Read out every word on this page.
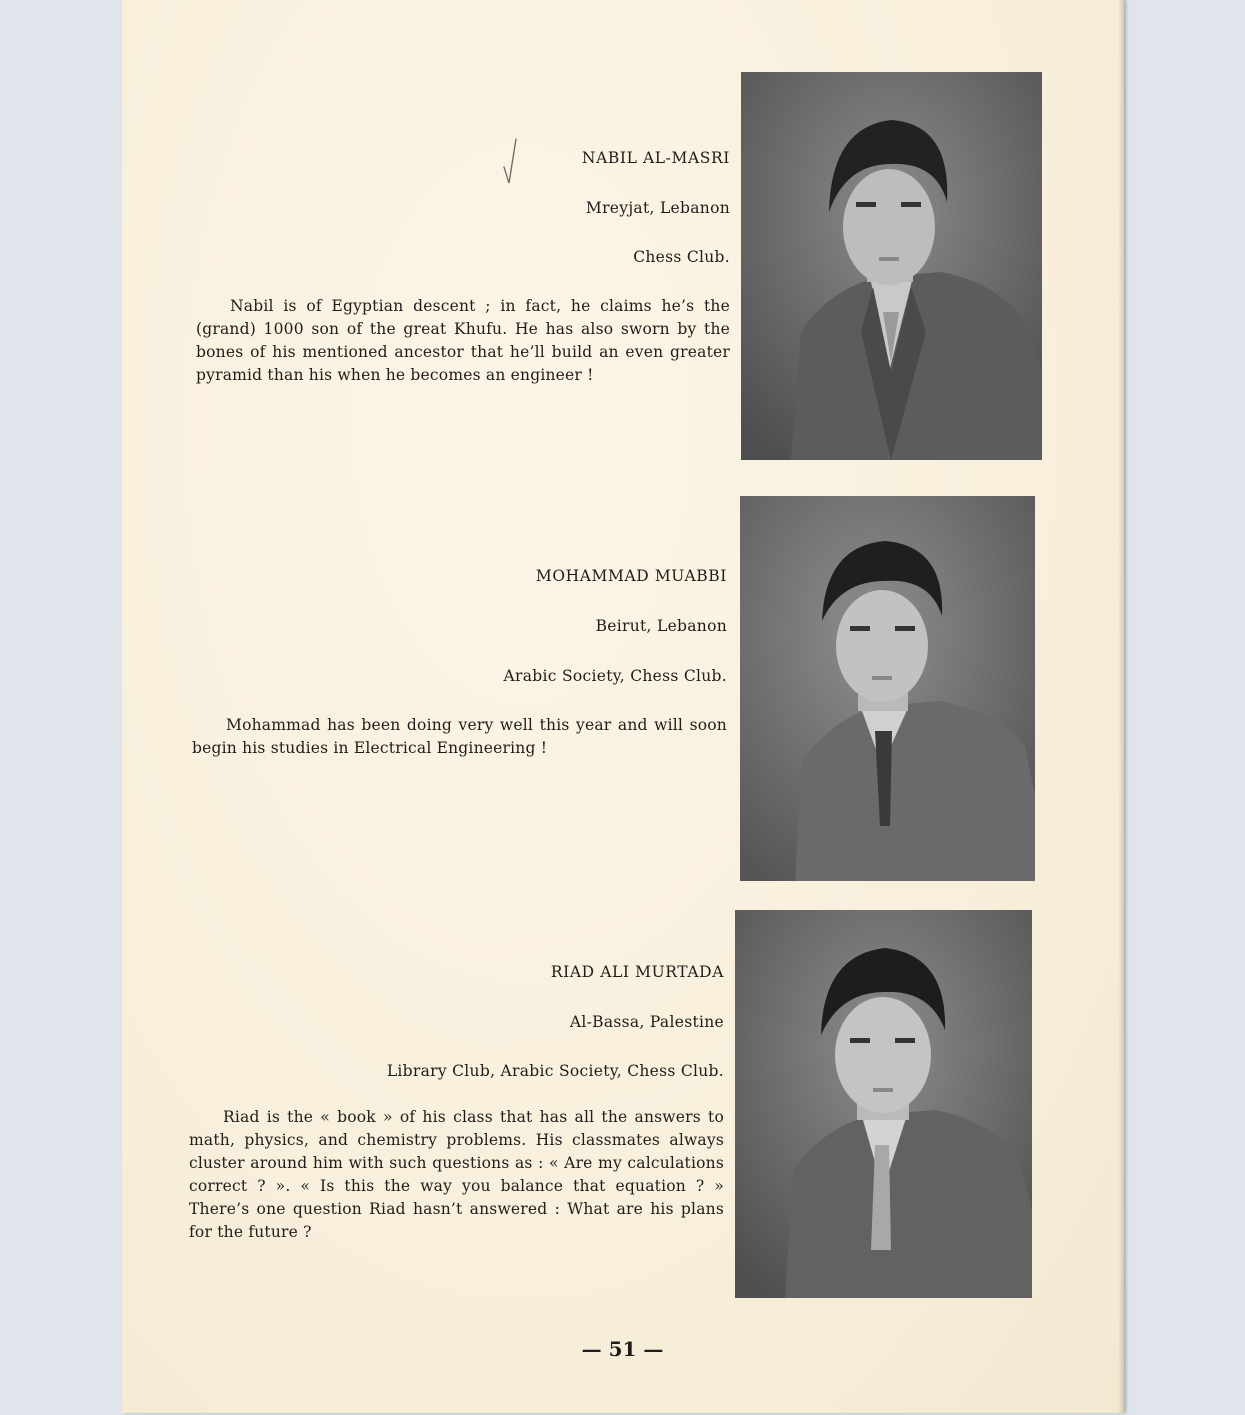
NABIL AL-MASRI
Mreyjat, Lebanon
Chess Club.
Nabil is of Egyptian descent ; in fact, he claims he’s the (grand) 1000 son of the great Khufu. He has also sworn by the bones of his mentioned ancestor that he’ll build an even greater pyramid than his when he becomes an engineer !
MOHAMMAD MUABBI
Beirut, Lebanon
Arabic Society, Chess Club.
Mohammad has been doing very well this year and will soon begin his studies in Electrical Engineering !
RIAD ALI MURTADA
Al-Bassa, Palestine
Library Club, Arabic Society, Chess Club.
Riad is the « book » of his class that has all the answers to math, physics, and chemistry problems. His classmates always cluster around him with such questions as : « Are my calculations correct ? ». « Is this the way you balance that equation ? » There’s one question Riad hasn’t answered : What are his plans for the future ?
— 51 —
